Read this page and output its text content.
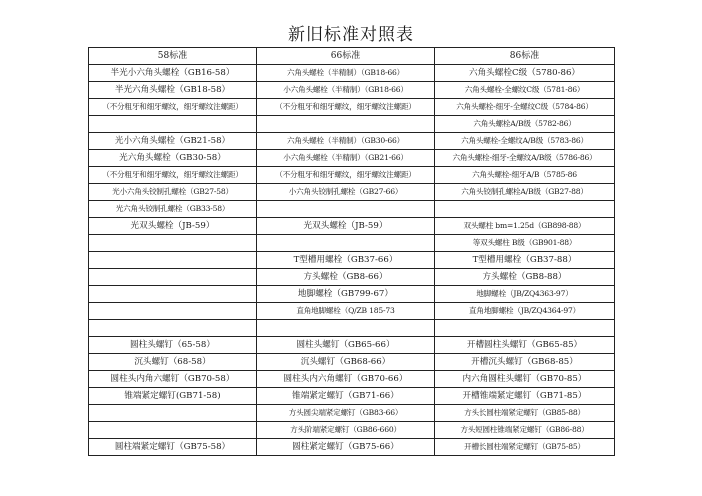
新旧标准对照表
58标准	66标准	86标准
半光小六角头螺栓（GB16-58）	六角头螺栓（半精制）（GB18-66）	六角头螺栓C级（5780-86）
半光六角头螺栓（GB18-58）	小六角头螺栓（半精制）（GB18-66）	六角头螺栓-全螺纹C级（5781-86）
（不分粗牙和细牙螺纹，细牙螺纹注螺距）	（不分粗牙和细牙螺纹，细牙螺纹注螺距）	六角头螺栓-细牙-全螺纹C级（5784-86）
		六角头螺栓A/B级（5782-86）
光小六角头螺栓（GB21-58）	六角头螺栓（半精制）（GB30-66）	六角头螺栓-全螺纹A/B级（5783-86）
光六角头螺栓（GB30-58）	小六角头螺栓（半精制）（GB21-66）	六角头螺栓-细牙-全螺纹A/B级（5786-86）
（不分粗牙和细牙螺纹，细牙螺纹注螺距）	（不分粗牙和细牙螺纹，细牙螺纹注螺距）	六角头螺栓-细牙A/B（5785-86
光小六角头铰制孔螺栓（GB27-58）	小六角头铰制孔螺栓（GB27-66）	六角头铰制孔螺栓A/B级（GB27-88）
光六角头铰制孔螺栓（GB33-58）		
光双头螺栓（JB-59）	光双头螺栓（JB-59）	双头螺柱 bm=1.25d（GB898-88）
		等双头螺柱 B级（GB901-88）
	T型槽用螺栓（GB37-66）	T型槽用螺栓（GB37-88）
	方头螺栓（GB8-66）	方头螺栓（GB8-88）
	地脚螺栓（GB799-67）	地脚螺栓（JB/ZQ4363-97）
	直角地脚螺栓（Q/ZB 185-73	直角地脚螺栓（JB/ZQ4364-97）

圆柱头螺钉（65-58）	圆柱头螺钉（GB65-66）	开槽圆柱头螺钉（GB65-85）
沉头螺钉（68-58）	沉头螺钉（GB68-66）	开槽沉头螺钉（GB68-85）
圆柱头内角六螺钉（GB70-58）	圆柱头内六角螺钉（GB70-66）	内六角圆柱头螺钉（GB70-85）
锥端紧定螺钉(GB71-58)	锥端紧定螺钉（GB71-66）	开槽锥端紧定螺钉（GB71-85）
	方头圆尖端紧定螺钉（GB83-66）	方头长圆柱端紧定螺钉（GB85-88）
	方头阶端紧定螺钉（GB86-660）	方头短圆柱锥端紧定螺钉（GB86-88）
圆柱端紧定螺钉（GB75-58）	圆柱紧定螺钉（GB75-66）	开槽长圆柱端紧定螺钉（GB75-85）
